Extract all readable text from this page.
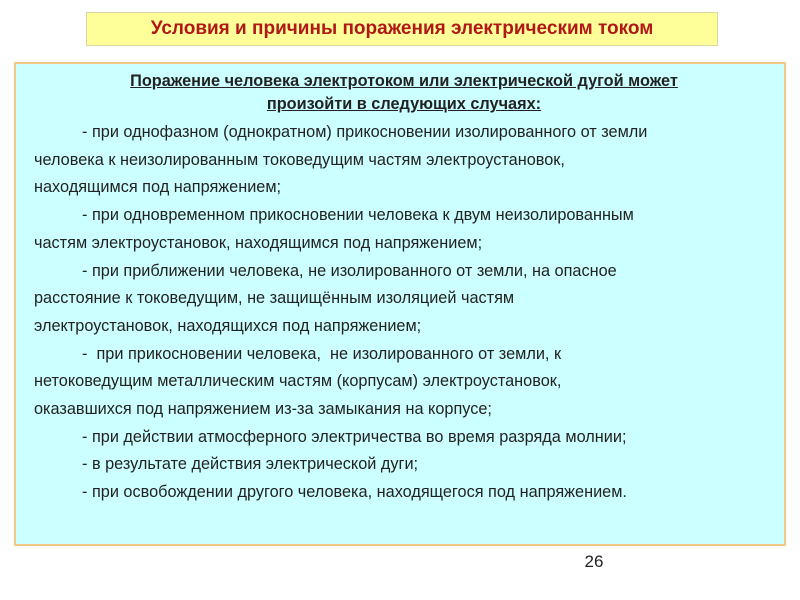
Условия и причины поражения электрическим током
Поражение человека электротоком или электрической дугой может
произойти в следующих случаях:

- при однофазном (однократном) прикосновении изолированного от земли

человека к неизолированным токоведущим частям электроустановок,

находящимся под напряжением;

- при одновременном прикосновении человека к двум неизолированным

частям электроустановок, находящимся под напряжением;

- при приближении человека, не изолированного от земли, на опасное

расстояние к токоведущим, не защищённым изоляцией частям

электроустановок, находящихся под напряжением;

-  при прикосновении человека,  не изолированного от земли, к

нетоковедущим металлическим частям (корпусам) электроустановок,

оказавшихся под напряжением из-за замыкания на корпусе;

- при действии атмосферного электричества во время разряда молнии;

- в результате действия электрической дуги;

- при освобождении другого человека, находящегося под напряжением.

26
